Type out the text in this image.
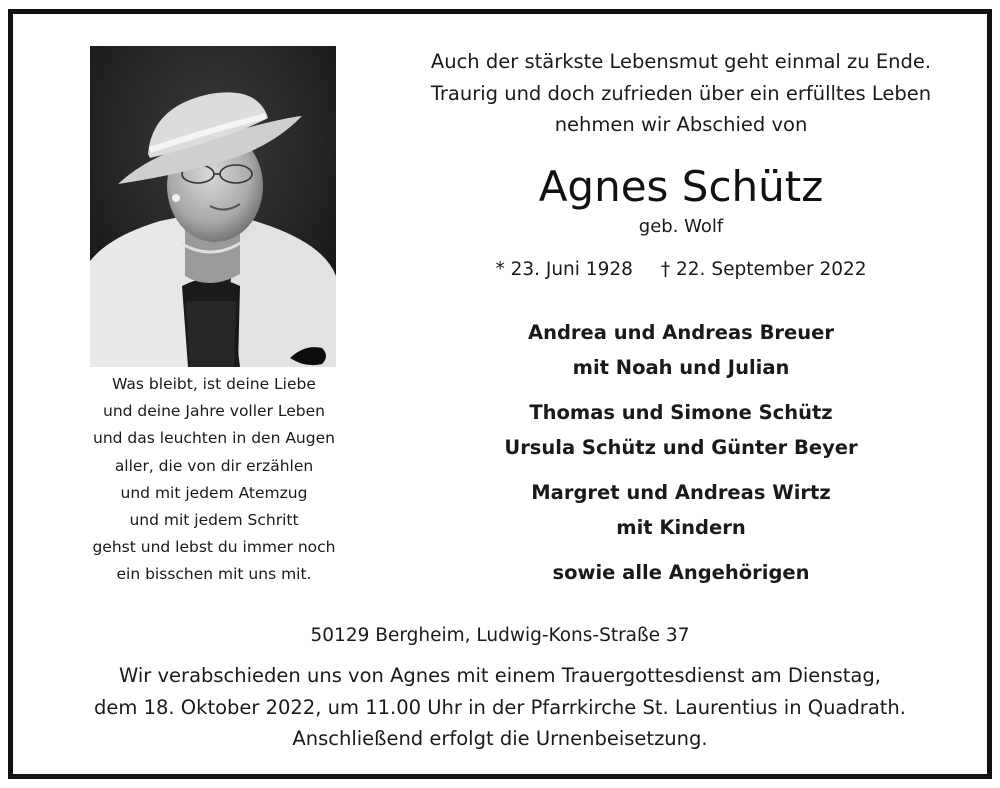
Was bleibt, ist deine Liebe
und deine Jahre voller Leben
und das leuchten in den Augen
aller, die von dir erzählen
und mit jedem Atemzug
und mit jedem Schritt
gehst und lebst du immer noch
ein bisschen mit uns mit.
Auch der stärkste Lebensmut geht einmal zu Ende.
Traurig und doch zufrieden über ein erfülltes Leben
nehmen wir Abschied von
Agnes Schütz
geb. Wolf
* 23. Juni 1928 † 22. September 2022
Andrea und Andreas Breuer
mit Noah und Julian
Thomas und Simone Schütz
Ursula Schütz und Günter Beyer
Margret und Andreas Wirtz
mit Kindern
sowie alle Angehörigen
50129 Bergheim, Ludwig-Kons-Straße 37
Wir verabschieden uns von Agnes mit einem Trauergottesdienst am Dienstag,
dem 18. Oktober 2022, um 11.00 Uhr in der Pfarrkirche St. Laurentius in Quadrath.
Anschließend erfolgt die Urnenbeisetzung.
